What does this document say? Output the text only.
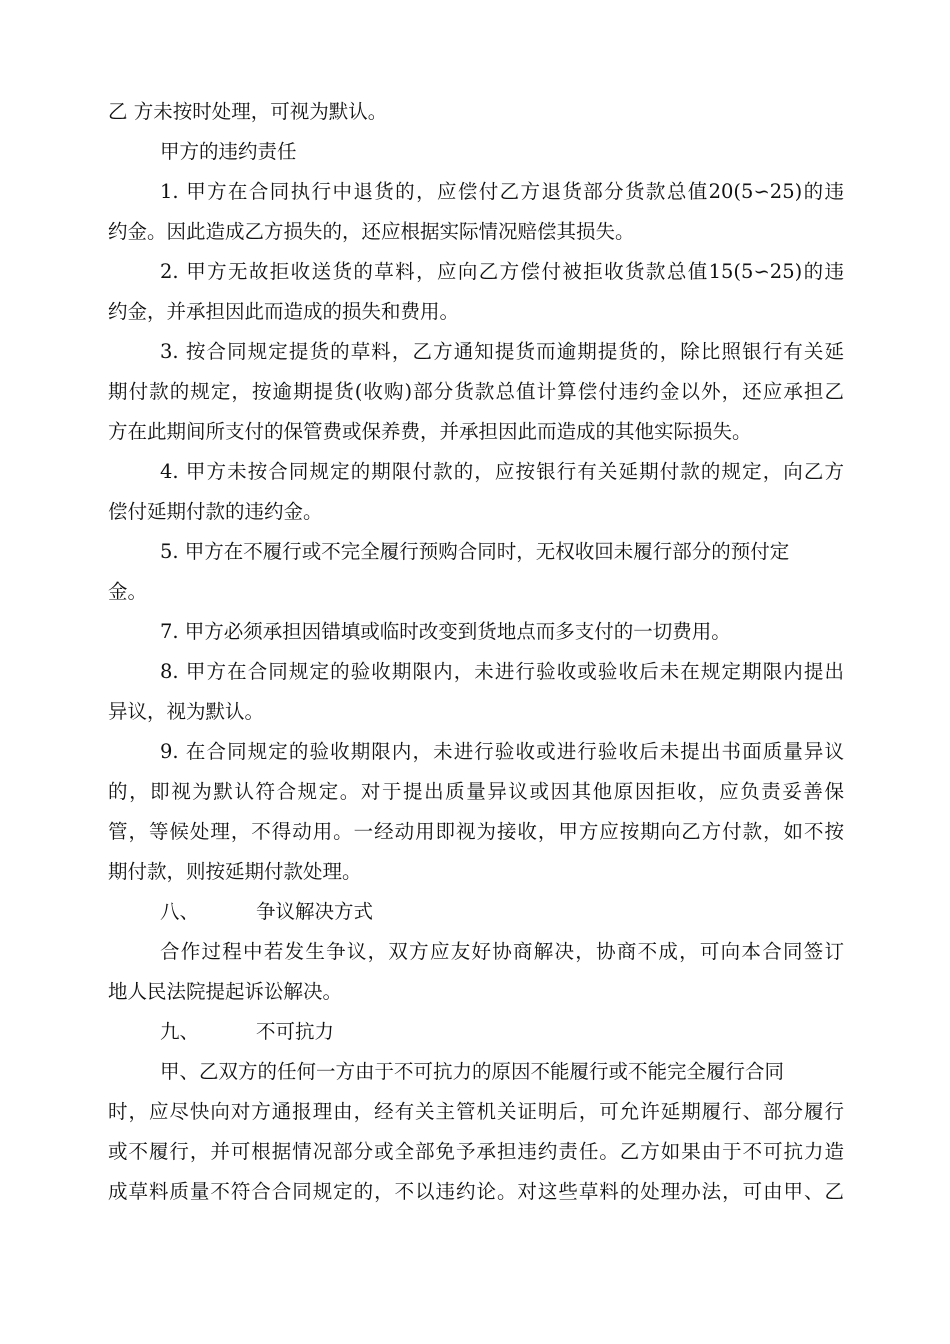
乙 方未按时处理，可视为默认。
甲方的违约责任
1. 甲方在合同执行中退货的，应偿付乙方退货部分货款总值20(5∽25)的违
约金。因此造成乙方损失的，还应根据实际情况赔偿其损失。
2. 甲方无故拒收送货的草料，应向乙方偿付被拒收货款总值15(5∽25)的违
约金，并承担因此而造成的损失和费用。
3. 按合同规定提货的草料，乙方通知提货而逾期提货的，除比照银行有关延
期付款的规定，按逾期提货(收购)部分货款总值计算偿付违约金以外，还应承担乙
方在此期间所支付的保管费或保养费，并承担因此而造成的其他实际损失。
4. 甲方未按合同规定的期限付款的，应按银行有关延期付款的规定，向乙方
偿付延期付款的违约金。
5. 甲方在不履行或不完全履行预购合同时，无权收回未履行部分的预付定
金。
7. 甲方必须承担因错填或临时改变到货地点而多支付的一切费用。
8. 甲方在合同规定的验收期限内，未进行验收或验收后未在规定期限内提出
异议，视为默认。
9. 在合同规定的验收期限内，未进行验收或进行验收后未提出书面质量异议
的，即视为默认符合规定。对于提出质量异议或因其他原因拒收，应负责妥善保
管，等候处理，不得动用。一经动用即视为接收，甲方应按期向乙方付款，如不按
期付款，则按延期付款处理。
八、	争议解决方式
合作过程中若发生争议，双方应友好协商解决，协商不成，可向本合同签订
地人民法院提起诉讼解决。
九、	不可抗力
甲、乙双方的任何一方由于不可抗力的原因不能履行或不能完全履行合同
时，应尽快向对方通报理由，经有关主管机关证明后，可允许延期履行、部分履行
或不履行，并可根据情况部分或全部免予承担违约责任。乙方如果由于不可抗力造
成草料质量不符合合同规定的，不以违约论。对这些草料的处理办法，可由甲、乙
